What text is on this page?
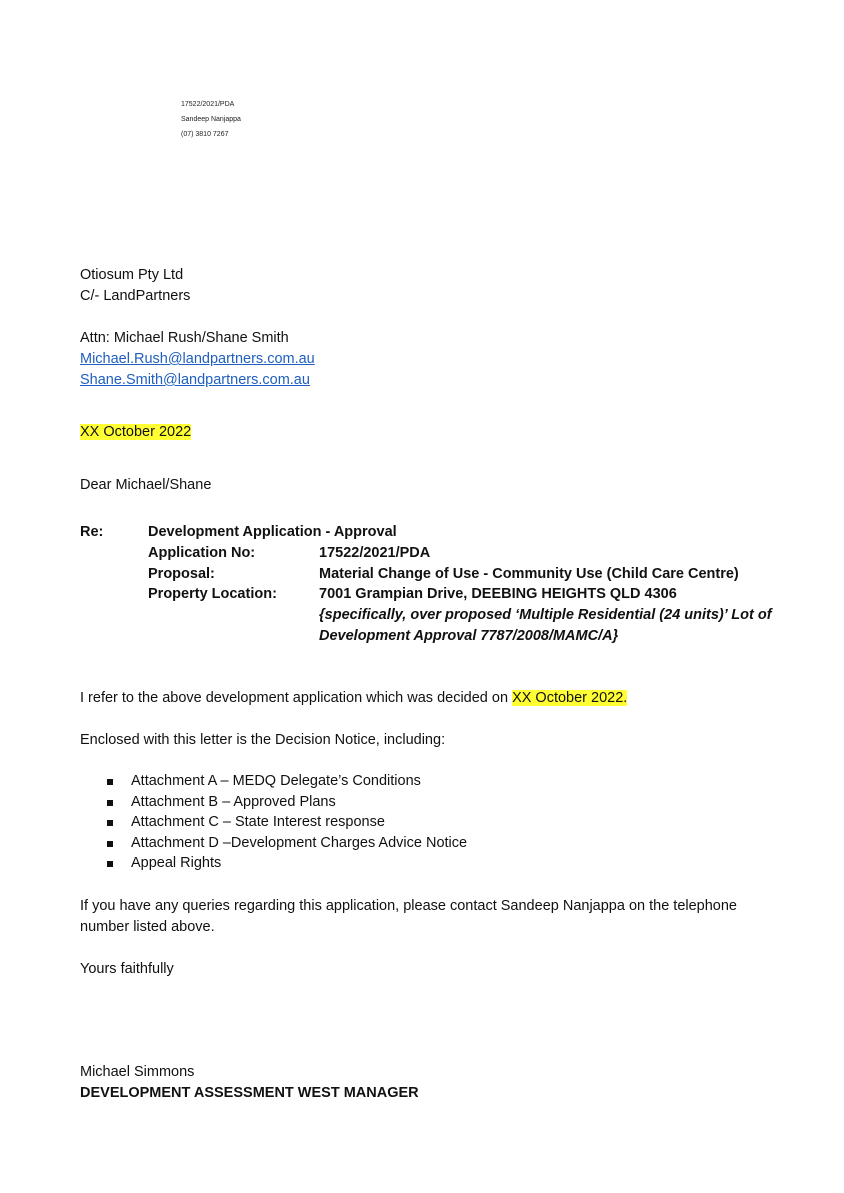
17522/2021/PDA
Sandeep Nanjappa
(07) 3810 7267
Otiosum Pty Ltd
C/- LandPartners
Attn: Michael Rush/Shane Smith
Michael.Rush@landpartners.com.au
Shane.Smith@landpartners.com.au
XX October 2022
Dear Michael/Shane
Re:	Development Application - Approval
Application No:	17522/2021/PDA
Proposal:	Material Change of Use - Community Use (Child Care Centre)
Property Location:	7001 Grampian Drive, DEEBING HEIGHTS QLD 4306
{specifically, over proposed ‘Multiple Residential (24 units)’ Lot of
Development Approval 7787/2008/MAMC/A}
I refer to the above development application which was decided on XX October 2022.
Enclosed with this letter is the Decision Notice, including:
Attachment A – MEDQ Delegate’s Conditions
Attachment B – Approved Plans
Attachment C – State Interest response
Attachment D –Development Charges Advice Notice
Appeal Rights
If you have any queries regarding this application, please contact Sandeep Nanjappa on the telephone
number listed above.
Yours faithfully
Michael Simmons
DEVELOPMENT ASSESSMENT WEST MANAGER
